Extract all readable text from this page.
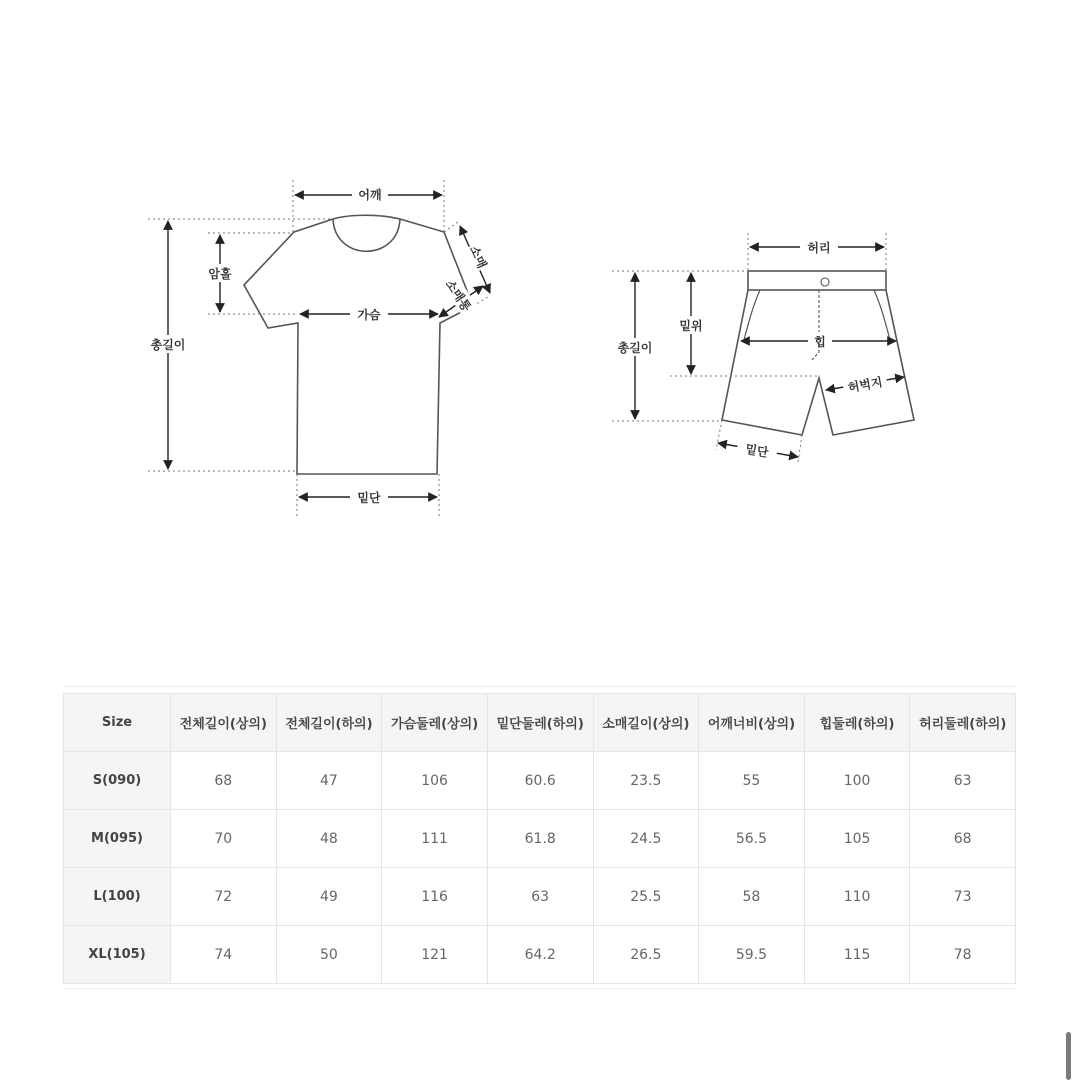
어깨
총길이
암홀
가슴
밑단
소매
소매통
허리
총길이
밑위
힙
허벅지
밑단
Size	전체길이(상의)	전체길이(하의)	가슴둘레(상의)	밑단둘레(하의)	소매길이(상의)	어깨너비(상의)	힙둘레(하의)	허리둘레(하의)
S(090)	68	47	106	60.6	23.5	55	100	63
M(095)	70	48	111	61.8	24.5	56.5	105	68
L(100)	72	49	116	63	25.5	58	110	73
XL(105)	74	50	121	64.2	26.5	59.5	115	78
